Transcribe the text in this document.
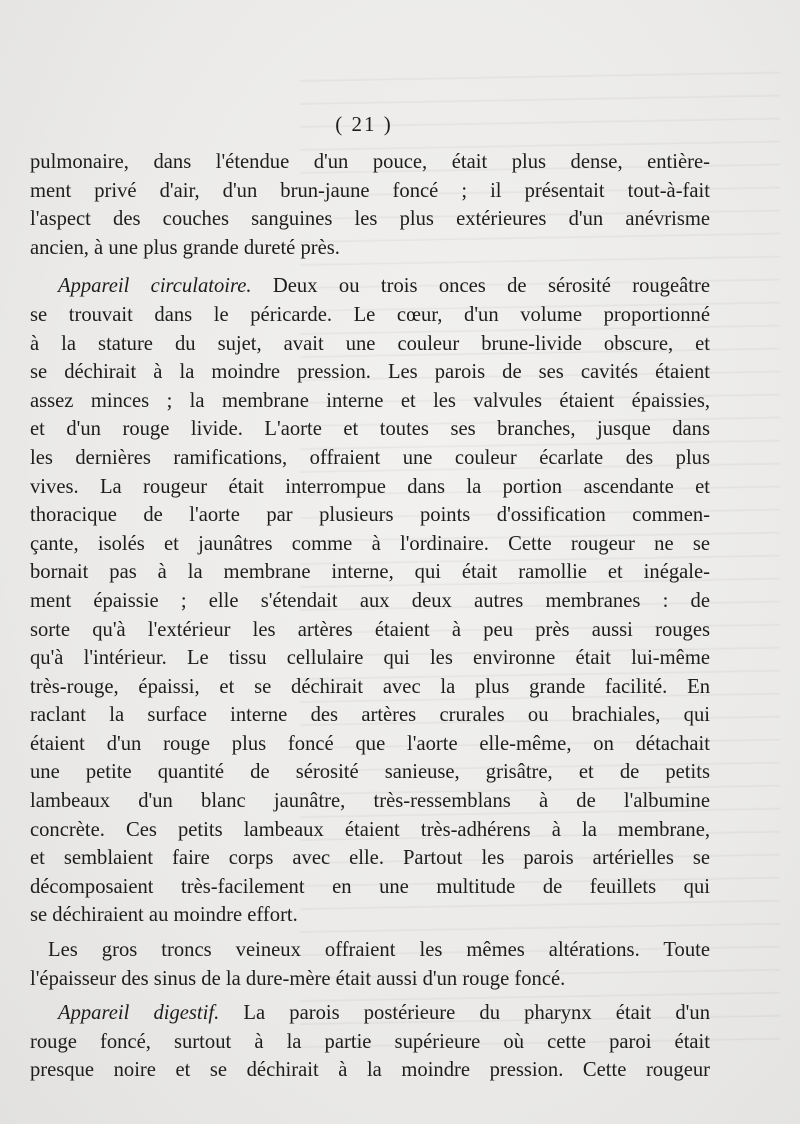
( 21 )

pulmonaire, dans l'étendue d'un pouce, était plus dense, entière-

ment privé d'air, d'un brun-jaune foncé ; il présentait tout-à-fait

l'aspect des couches sanguines les plus extérieures d'un anévrisme

ancien, à une plus grande dureté près.

Appareil circulatoire. Deux ou trois onces de sérosité rougeâtre

se trouvait dans le péricarde. Le cœur, d'un volume proportionné

à la stature du sujet, avait une couleur brune-livide obscure, et

se déchirait à la moindre pression. Les parois de ses cavités étaient

assez minces ; la membrane interne et les valvules étaient épaissies,

et d'un rouge livide. L'aorte et toutes ses branches, jusque dans

les dernières ramifications, offraient une couleur écarlate des plus

vives. La rougeur était interrompue dans la portion ascendante et

thoracique de l'aorte par plusieurs points d'ossification commen-

çante, isolés et jaunâtres comme à l'ordinaire. Cette rougeur ne se

bornait pas à la membrane interne, qui était ramollie et inégale-

ment épaissie ; elle s'étendait aux deux autres membranes : de

sorte qu'à l'extérieur les artères étaient à peu près aussi rouges

qu'à l'intérieur. Le tissu cellulaire qui les environne était lui-même

très-rouge, épaissi, et se déchirait avec la plus grande facilité. En

raclant la surface interne des artères crurales ou brachiales, qui

étaient d'un rouge plus foncé que l'aorte elle-même, on détachait

une petite quantité de sérosité sanieuse, grisâtre, et de petits

lambeaux d'un blanc jaunâtre, très-ressemblans à de l'albumine

concrète. Ces petits lambeaux étaient très-adhérens à la membrane,

et semblaient faire corps avec elle. Partout les parois artérielles se

décomposaient très-facilement en une multitude de feuillets qui

se déchiraient au moindre effort.

Les gros troncs veineux offraient les mêmes altérations. Toute

l'épaisseur des sinus de la dure-mère était aussi d'un rouge foncé.

Appareil digestif. La parois postérieure du pharynx était d'un

rouge foncé, surtout à la partie supérieure où cette paroi était

presque noire et se déchirait à la moindre pression. Cette rougeur
